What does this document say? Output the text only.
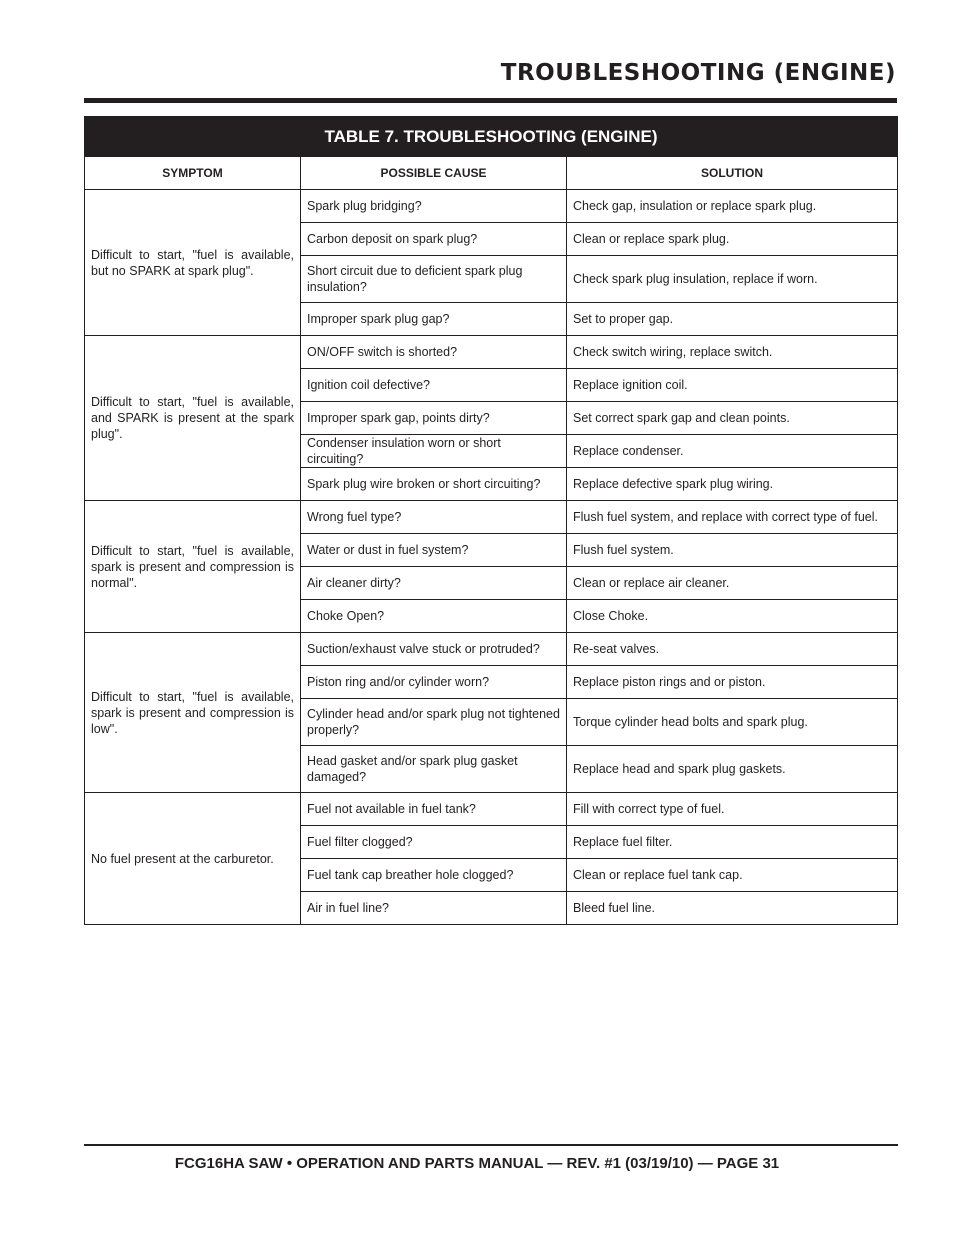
TROUBLESHOOTING (ENGINE)
TABLE 7. TROUBLESHOOTING (ENGINE)		
SYMPTOM	POSSIBLE CAUSE	SOLUTION
Difficult to start, "fuel is available, but no SPARK at spark plug".	Spark plug bridging?	Check gap, insulation or replace spark plug.
	Carbon deposit on spark plug?	Clean or replace spark plug.
	Short circuit due to deficient spark plug insulation?	Check spark plug insulation, replace if worn.
	Improper spark plug gap?	Set to proper gap.
Difficult to start, "fuel is available, and SPARK is present at the spark plug".	ON/OFF switch is shorted?	Check switch wiring, replace switch.
	Ignition coil defective?	Replace ignition coil.
	Improper spark gap, points dirty?	Set correct spark gap and clean points.
	Condenser insulation worn or short circuiting?	Replace condenser.
	Spark plug wire broken or short circuiting?	Replace defective spark plug wiring.
Difficult to start, "fuel is available, spark is present and compression is normal".	Wrong fuel type?	Flush fuel system, and replace with correct type of fuel.
	Water or dust in fuel system?	Flush fuel system.
	Air cleaner dirty?	Clean or replace air cleaner.
	Choke Open?	Close Choke.
Difficult to start, "fuel is available, spark is present and compression is low".	Suction/exhaust valve stuck or protruded?	Re-seat valves.
	Piston ring and/or cylinder worn?	Replace piston rings and or piston.
	Cylinder head and/or spark plug not tightened properly?	Torque cylinder head bolts and spark plug.
	Head gasket and/or spark plug gasket damaged?	Replace head and spark plug gaskets.
No fuel present at the carburetor.	Fuel not available in fuel tank?	Fill with correct type of fuel.
	Fuel filter clogged?	Replace fuel filter.
	Fuel tank cap breather hole clogged?	Clean or replace fuel tank cap.
	Air in fuel line?	Bleed fuel line.
FCG16HA SAW • OPERATION AND PARTS MANUAL — REV. #1 (03/19/10) — PAGE 31
